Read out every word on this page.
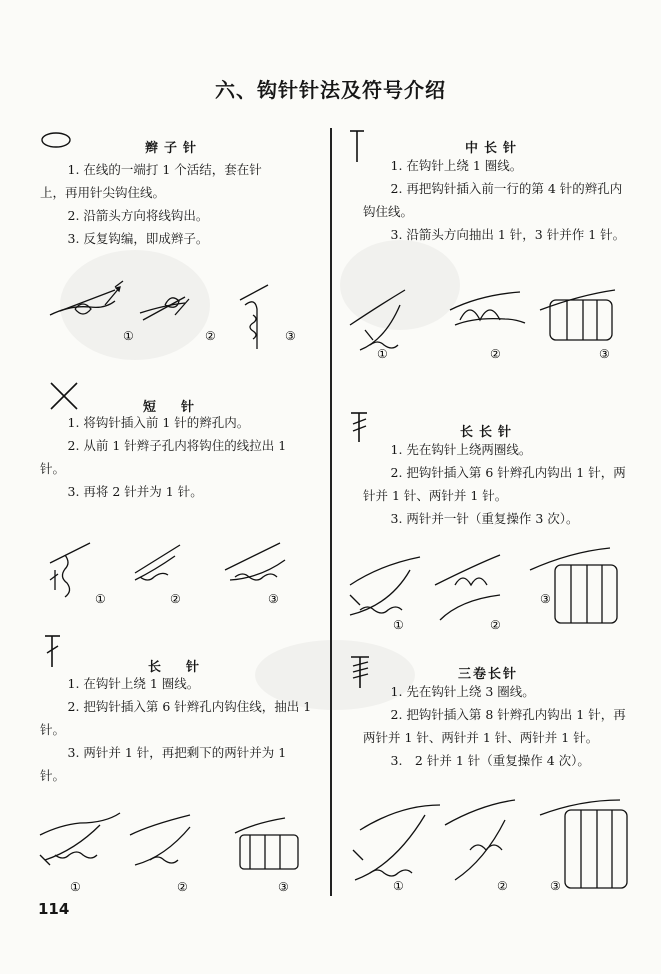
六、钩针针法及符号介绍
辫子针

1. 在线的一端打 1 个活结，套在针上，再用针尖钩住线。

2. 沿箭头方向将线钩出。

3. 反复钩编，即成辫子。

①	②	③
短　针

1. 将钩针插入前 1 针的辫孔内。

2. 从前 1 针辫子孔内将钩住的线拉出 1 针。

3. 再将 2 针并为 1 针。

①	②	③
长　针

1. 在钩针上绕 1 圈线。

2. 把钩针插入第 6 针辫孔内钩住线，抽出 1 针。

3. 两针并 1 针，再把剩下的两针并为 1 针。

①	②	③
中长针

1. 在钩针上绕 1 圈线。

2. 再把钩针插入前一行的第 4 针的辫孔内钩住线。

3. 沿箭头方向抽出 1 针，3 针并作 1 针。

①	②	③
长长针

1. 先在钩针上绕两圈线。

2. 把钩针插入第 6 针辫孔内钩出 1 针，两针并 1 针、两针并 1 针。

3. 两针并一针（重复操作 3 次）。

①	②
③
三卷长针

1. 先在钩针上绕 3 圈线。

2. 把钩针插入第 8 针辫孔内钩出 1 针，再两针并 1 针、两针并 1 针、两针并 1 针。

3.　2 针并 1 针（重复操作 4 次）。

①	②	③
114
